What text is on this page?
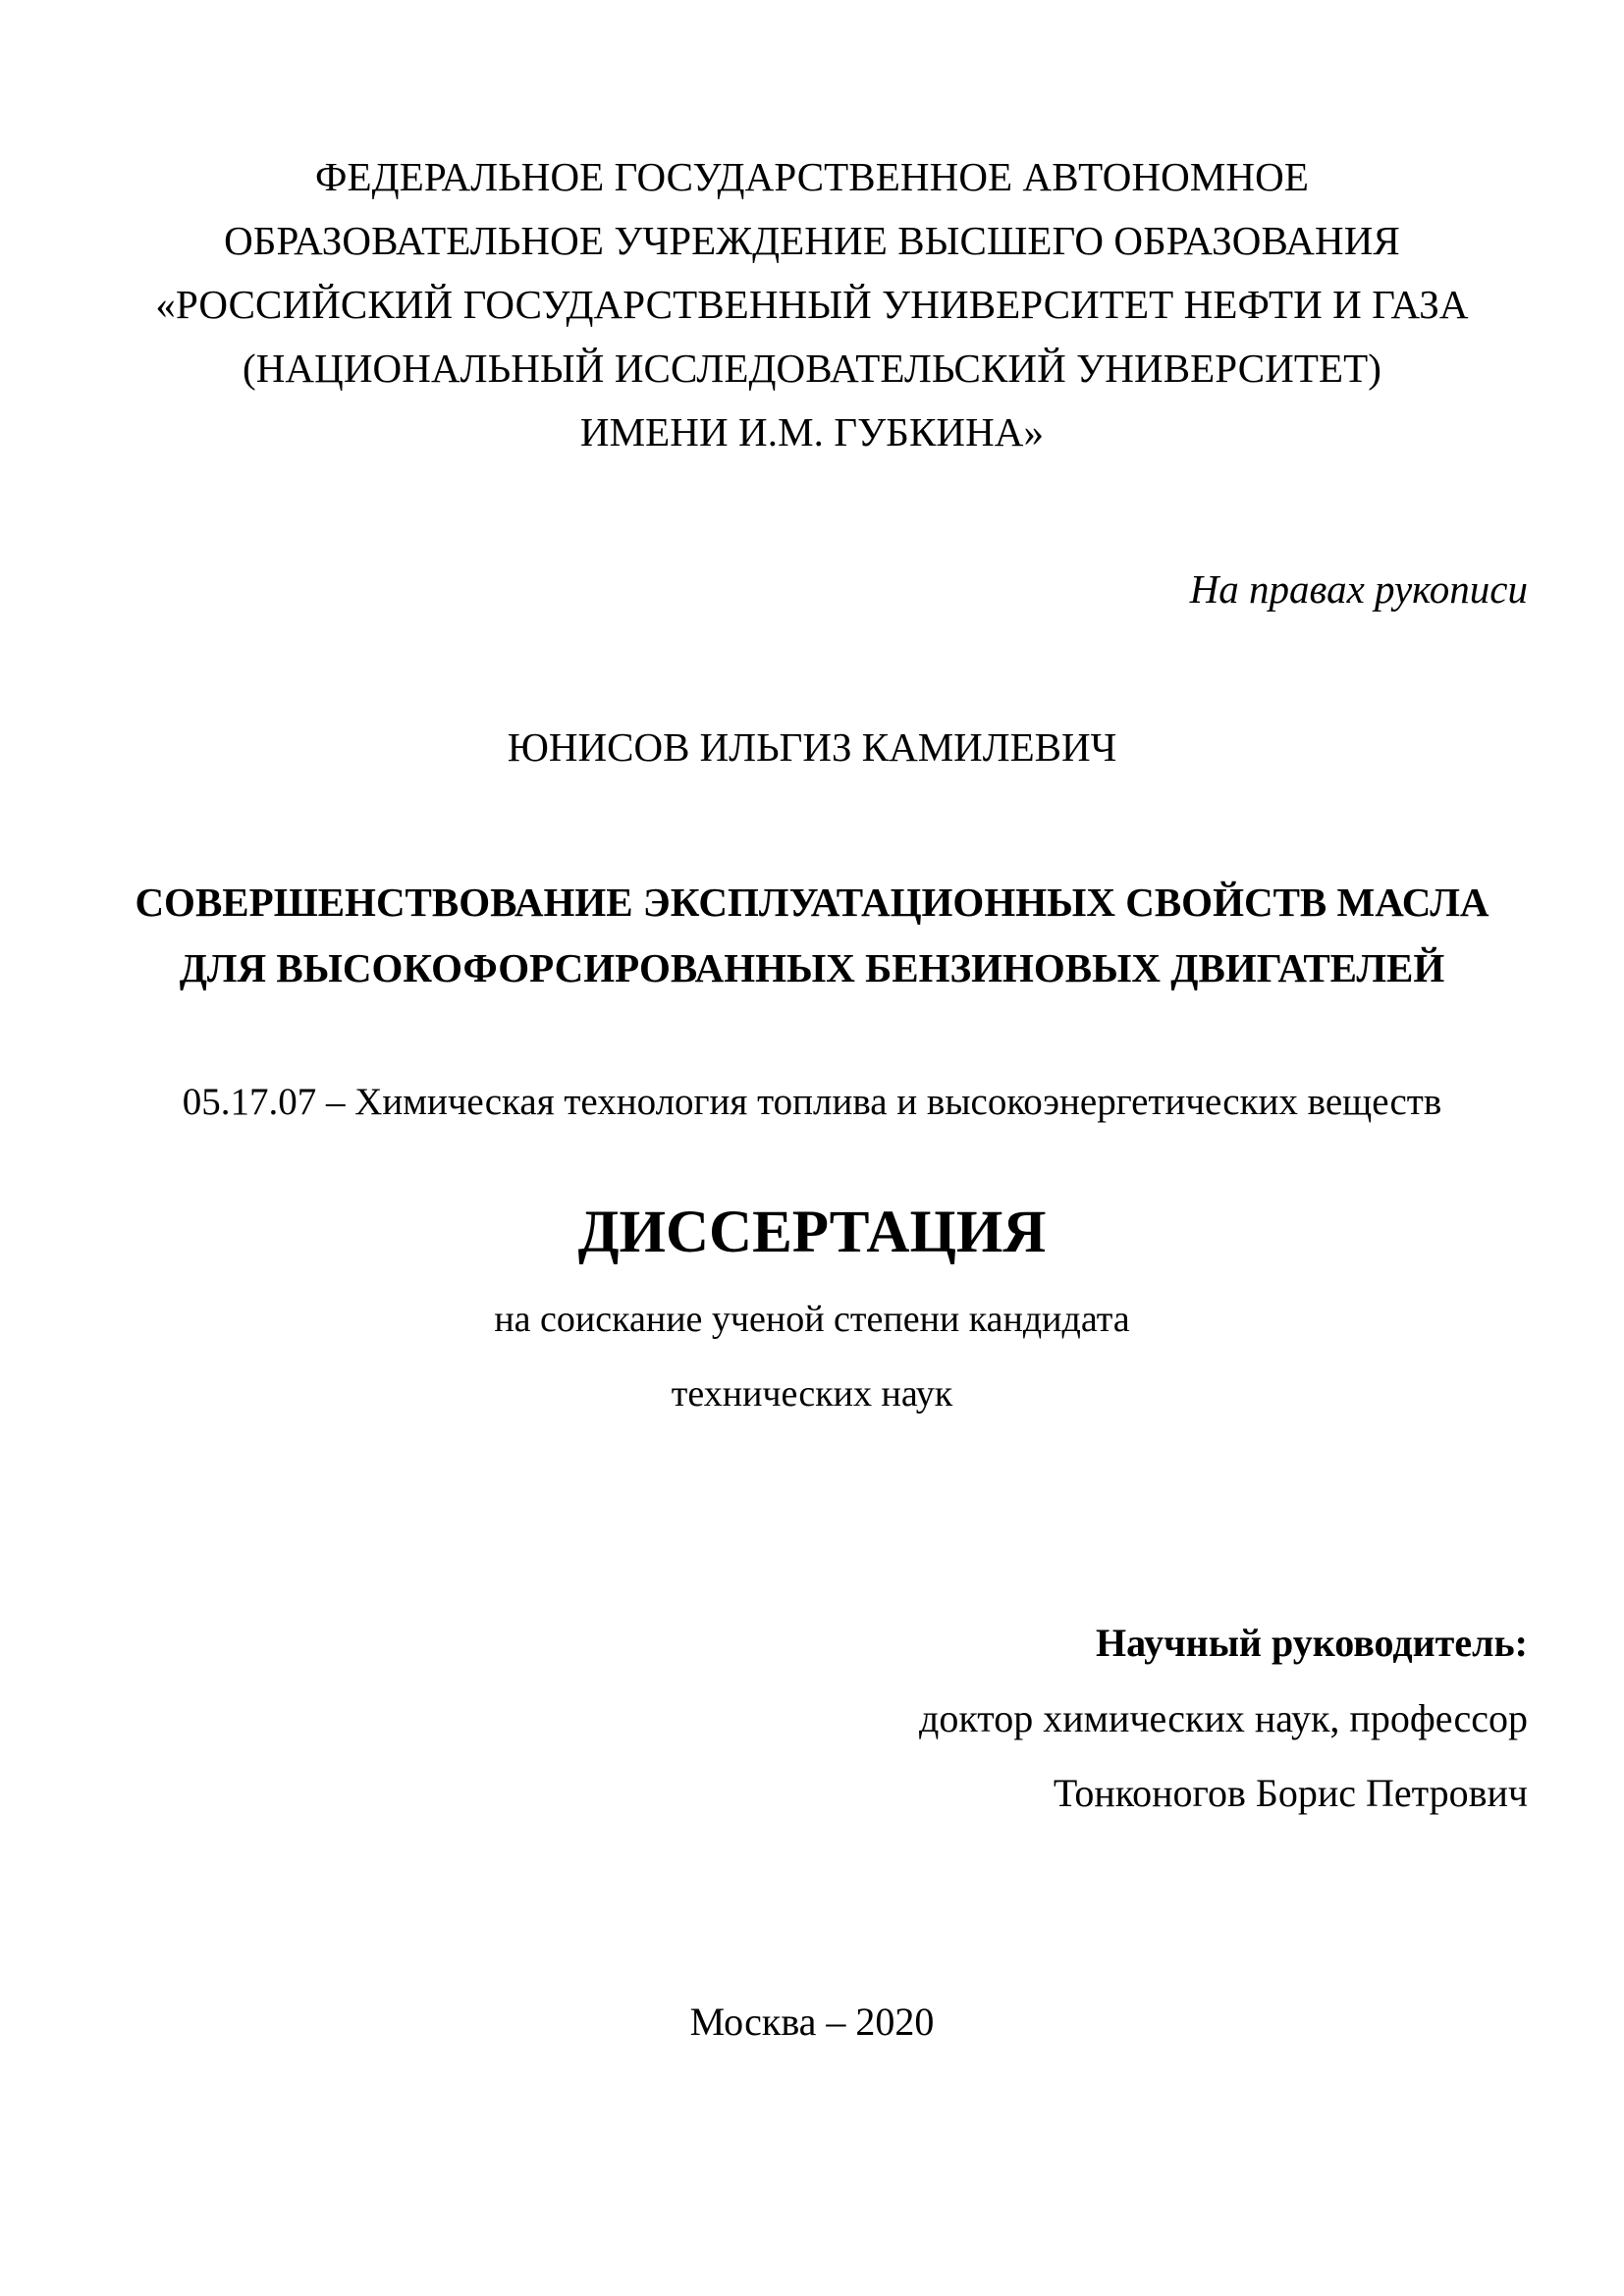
ФЕДЕРАЛЬНОЕ ГОСУДАРСТВЕННОЕ АВТОНОМНОЕ
ОБРАЗОВАТЕЛЬНОЕ УЧРЕЖДЕНИЕ ВЫСШЕГО ОБРАЗОВАНИЯ
«РОССИЙСКИЙ ГОСУДАРСТВЕННЫЙ УНИВЕРСИТЕТ НЕФТИ И ГАЗА
(НАЦИОНАЛЬНЫЙ ИССЛЕДОВАТЕЛЬСКИЙ УНИВЕРСИТЕТ)
ИМЕНИ И.М. ГУБКИНА»
На правах рукописи
ЮНИСОВ ИЛЬГИЗ КАМИЛЕВИЧ
СОВЕРШЕНСТВОВАНИЕ ЭКСПЛУАТАЦИОННЫХ СВОЙСТВ МАСЛА
ДЛЯ ВЫСОКОФОРСИРОВАННЫХ БЕНЗИНОВЫХ ДВИГАТЕЛЕЙ
05.17.07 – Химическая технология топлива и высокоэнергетических веществ
ДИССЕРТАЦИЯ
на соискание ученой степени кандидата
технических наук
Научный руководитель:
доктор химических наук, профессор
Тонконогов Борис Петрович
Москва – 2020
